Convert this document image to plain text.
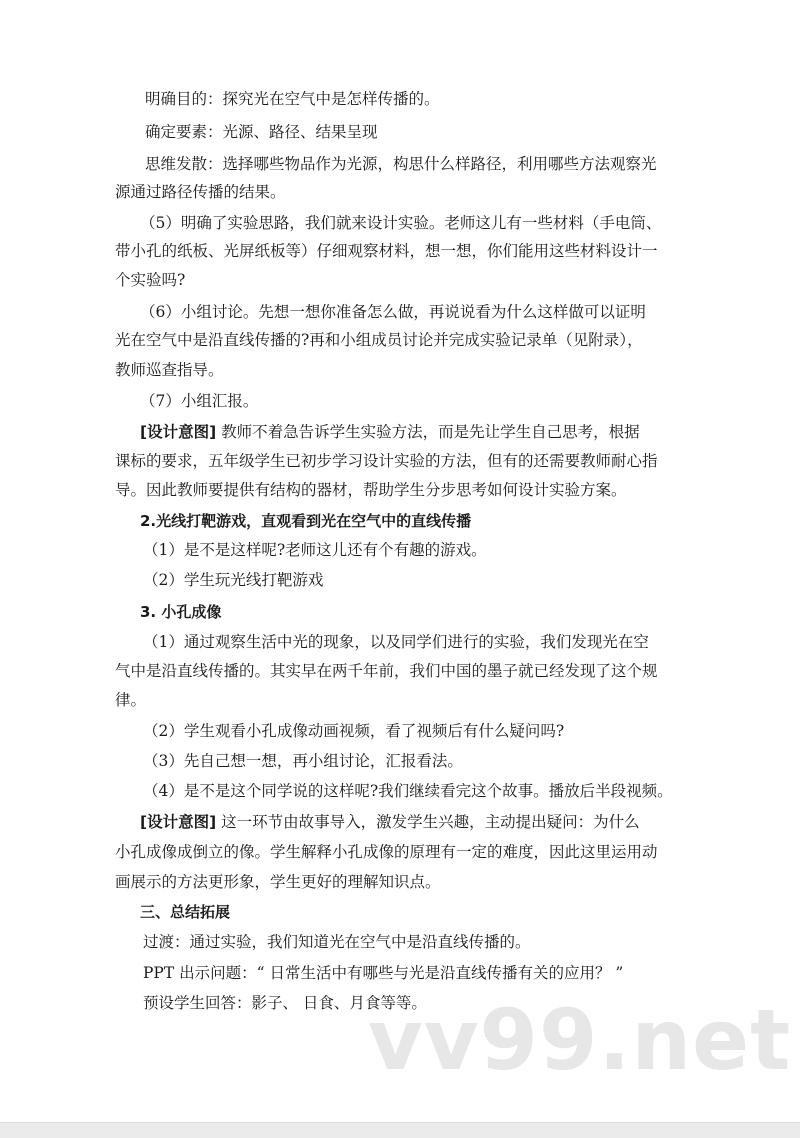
明确目的：探究光在空气中是怎样传播的。
确定要素：光源、路径、结果呈现
思维发散：选择哪些物品作为光源，构思什么样路径，利用哪些方法观察光
源通过路径传播的结果。
（5）明确了实验思路，我们就来设计实验。老师这儿有一些材料（手电筒、
带小孔的纸板、光屏纸板等）仔细观察材料，想一想，你们能用这些材料设计一
个实验吗?
（6）小组讨论。先想一想你准备怎么做，再说说看为什么这样做可以证明
光在空气中是沿直线传播的?再和小组成员讨论并完成实验记录单（见附录），
教师巡查指导。
（7）小组汇报。
[设计意图] 教师不着急告诉学生实验方法，而是先让学生自己思考，根据
课标的要求，五年级学生已初步学习设计实验的方法，但有的还需要教师耐心指
导。因此教师要提供有结构的器材，帮助学生分步思考如何设计实验方案。
2.光线打靶游戏，直观看到光在空气中的直线传播
（1）是不是这样呢?老师这儿还有个有趣的游戏。
（2）学生玩光线打靶游戏
3. 小孔成像
（1）通过观察生活中光的现象，以及同学们进行的实验，我们发现光在空
气中是沿直线传播的。其实早在两千年前，我们中国的墨子就已经发现了这个规
律。
（2）学生观看小孔成像动画视频，看了视频后有什么疑问吗?
（3）先自己想一想，再小组讨论，汇报看法。
（4）是不是这个同学说的这样呢?我们继续看完这个故事。播放后半段视频。
[设计意图] 这一环节由故事导入，激发学生兴趣，主动提出疑问：为什么
小孔成像成倒立的像。学生解释小孔成像的原理有一定的难度，因此这里运用动
画展示的方法更形象，学生更好的理解知识点。
三、总结拓展
过渡：通过实验，我们知道光在空气中是沿直线传播的。
PPT 出示问题：“ 日常生活中有哪些与光是沿直线传播有关的应用？ ”
预设学生回答：影子、 日食、月食等等。
vv99.net
